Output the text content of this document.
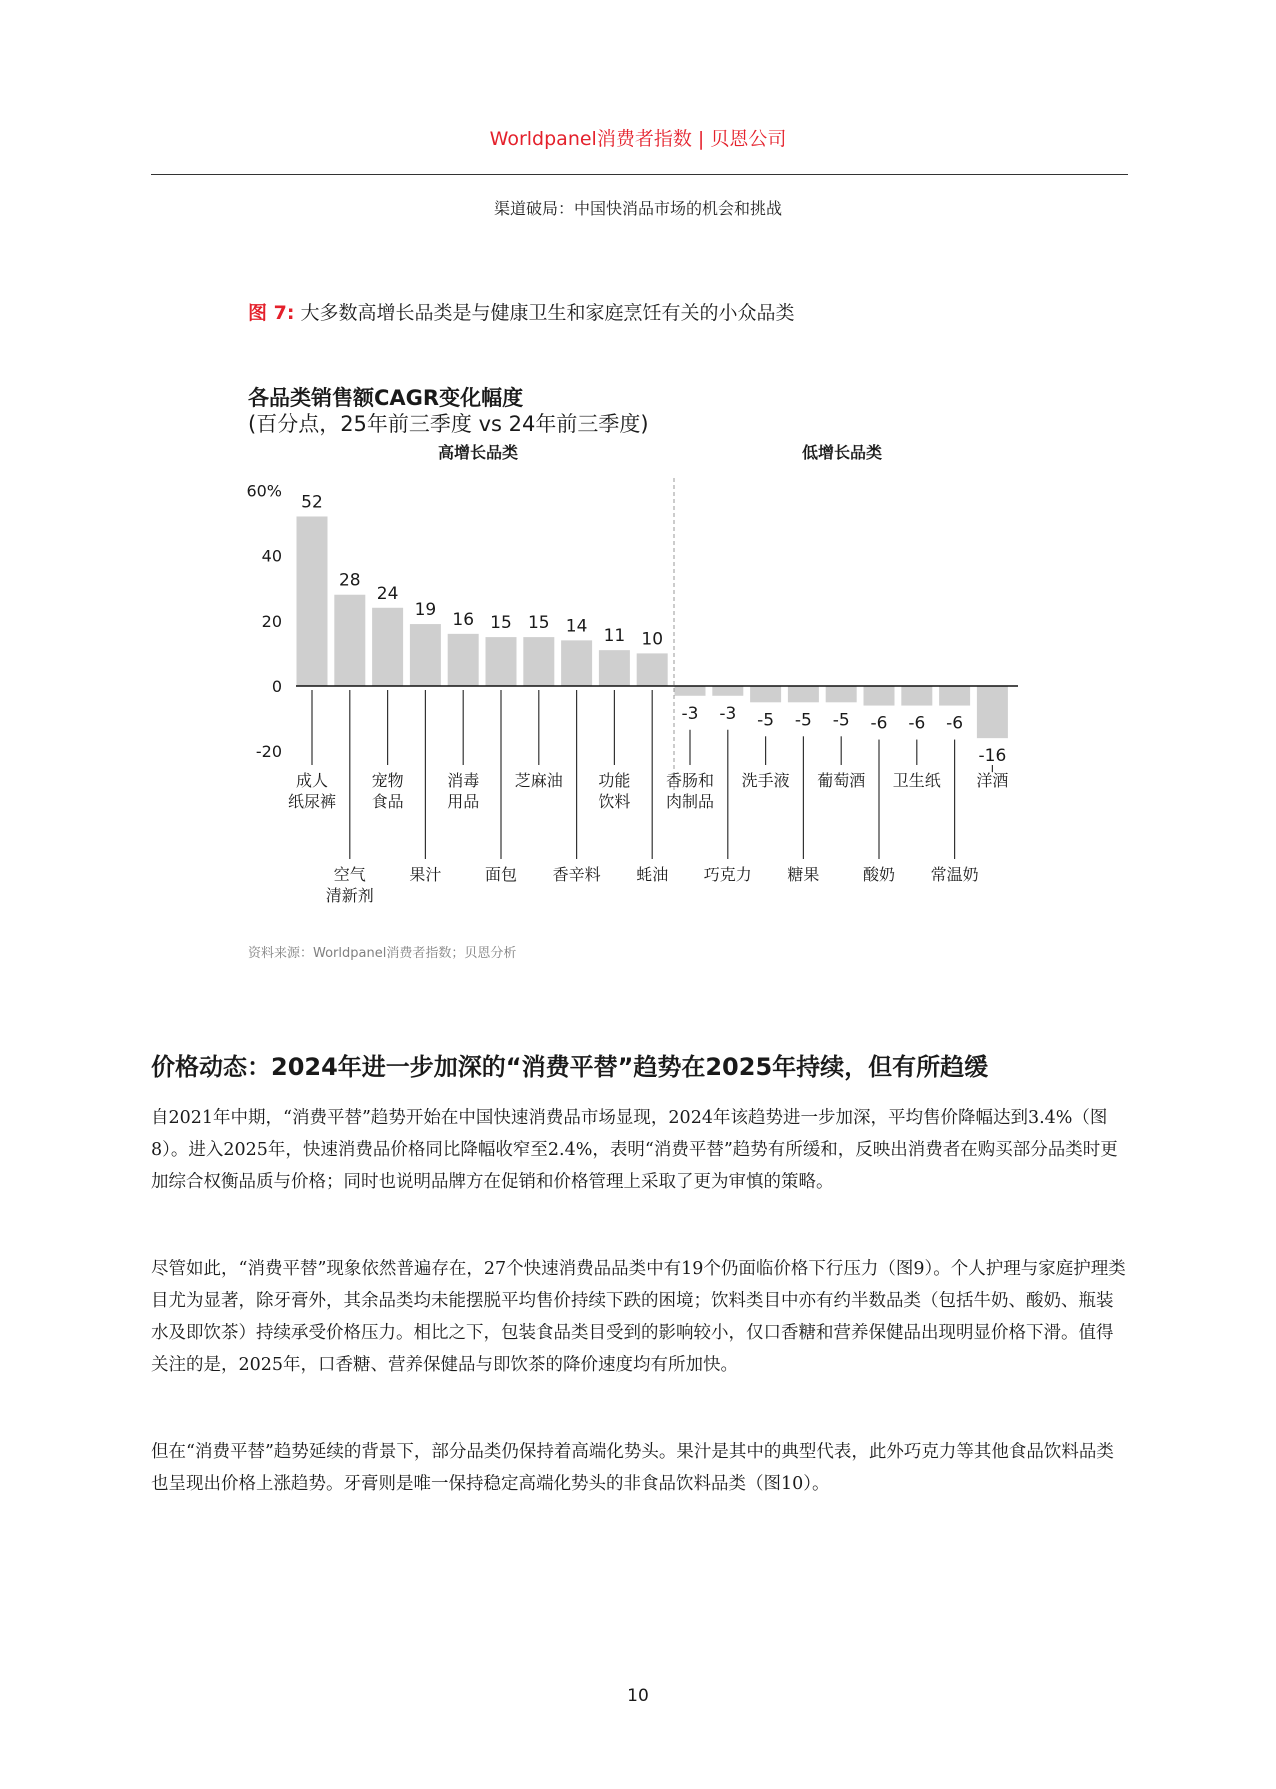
Worldpanel消费者指数 | 贝恩公司
渠道破局：中国快消品市场的机会和挑战
图 7: 大多数高增长品类是与健康卫生和家庭烹饪有关的小众品类
各品类销售额CAGR变化幅度
(百分点，25年前三季度 vs 24年前三季度)
高增长品类	低增长品类
60%
40
20
0
-20
52
成人纸尿裤
28
空气清新剂
24
宠物食品
19
果汁
16
消毒用品
15
面包
15
芝麻油
14
香辛料
11
功能饮料
10
蚝油
-3
香肠和肉制品
-3
巧克力
-5
洗手液
-5
糖果
-5
葡萄酒
-6
酸奶
-6
卫生纸
-6
常温奶
-16
洋酒
资料来源：Worldpanel消费者指数；贝恩分析
价格动态：2024年进一步加深的“消费平替”趋势在2025年持续，但有所趋缓

自2021年中期，“消费平替”趋势开始在中国快速消费品市场显现，2024年该趋势进一步加深，平均售价降幅达到3.4%（图8）。进入2025年，快速消费品价格同比降幅收窄至2.4%，表明“消费平替”趋势有所缓和，反映出消费者在购买部分品类时更加综合权衡品质与价格；同时也说明品牌方在促销和价格管理上采取了更为审慎的策略。

尽管如此，“消费平替”现象依然普遍存在，27个快速消费品品类中有19个仍面临价格下行压力（图9）。个人护理与家庭护理类目尤为显著，除牙膏外，其余品类均未能摆脱平均售价持续下跌的困境；饮料类目中亦有约半数品类（包括牛奶、酸奶、瓶装水及即饮茶）持续承受价格压力。相比之下，包装食品类目受到的影响较小，仅口香糖和营养保健品出现明显价格下滑。值得关注的是，2025年，口香糖、营养保健品与即饮茶的降价速度均有所加快。

但在“消费平替”趋势延续的背景下，部分品类仍保持着高端化势头。果汁是其中的典型代表，此外巧克力等其他食品饮料品类也呈现出价格上涨趋势。牙膏则是唯一保持稳定高端化势头的非食品饮料品类（图10）。

10
